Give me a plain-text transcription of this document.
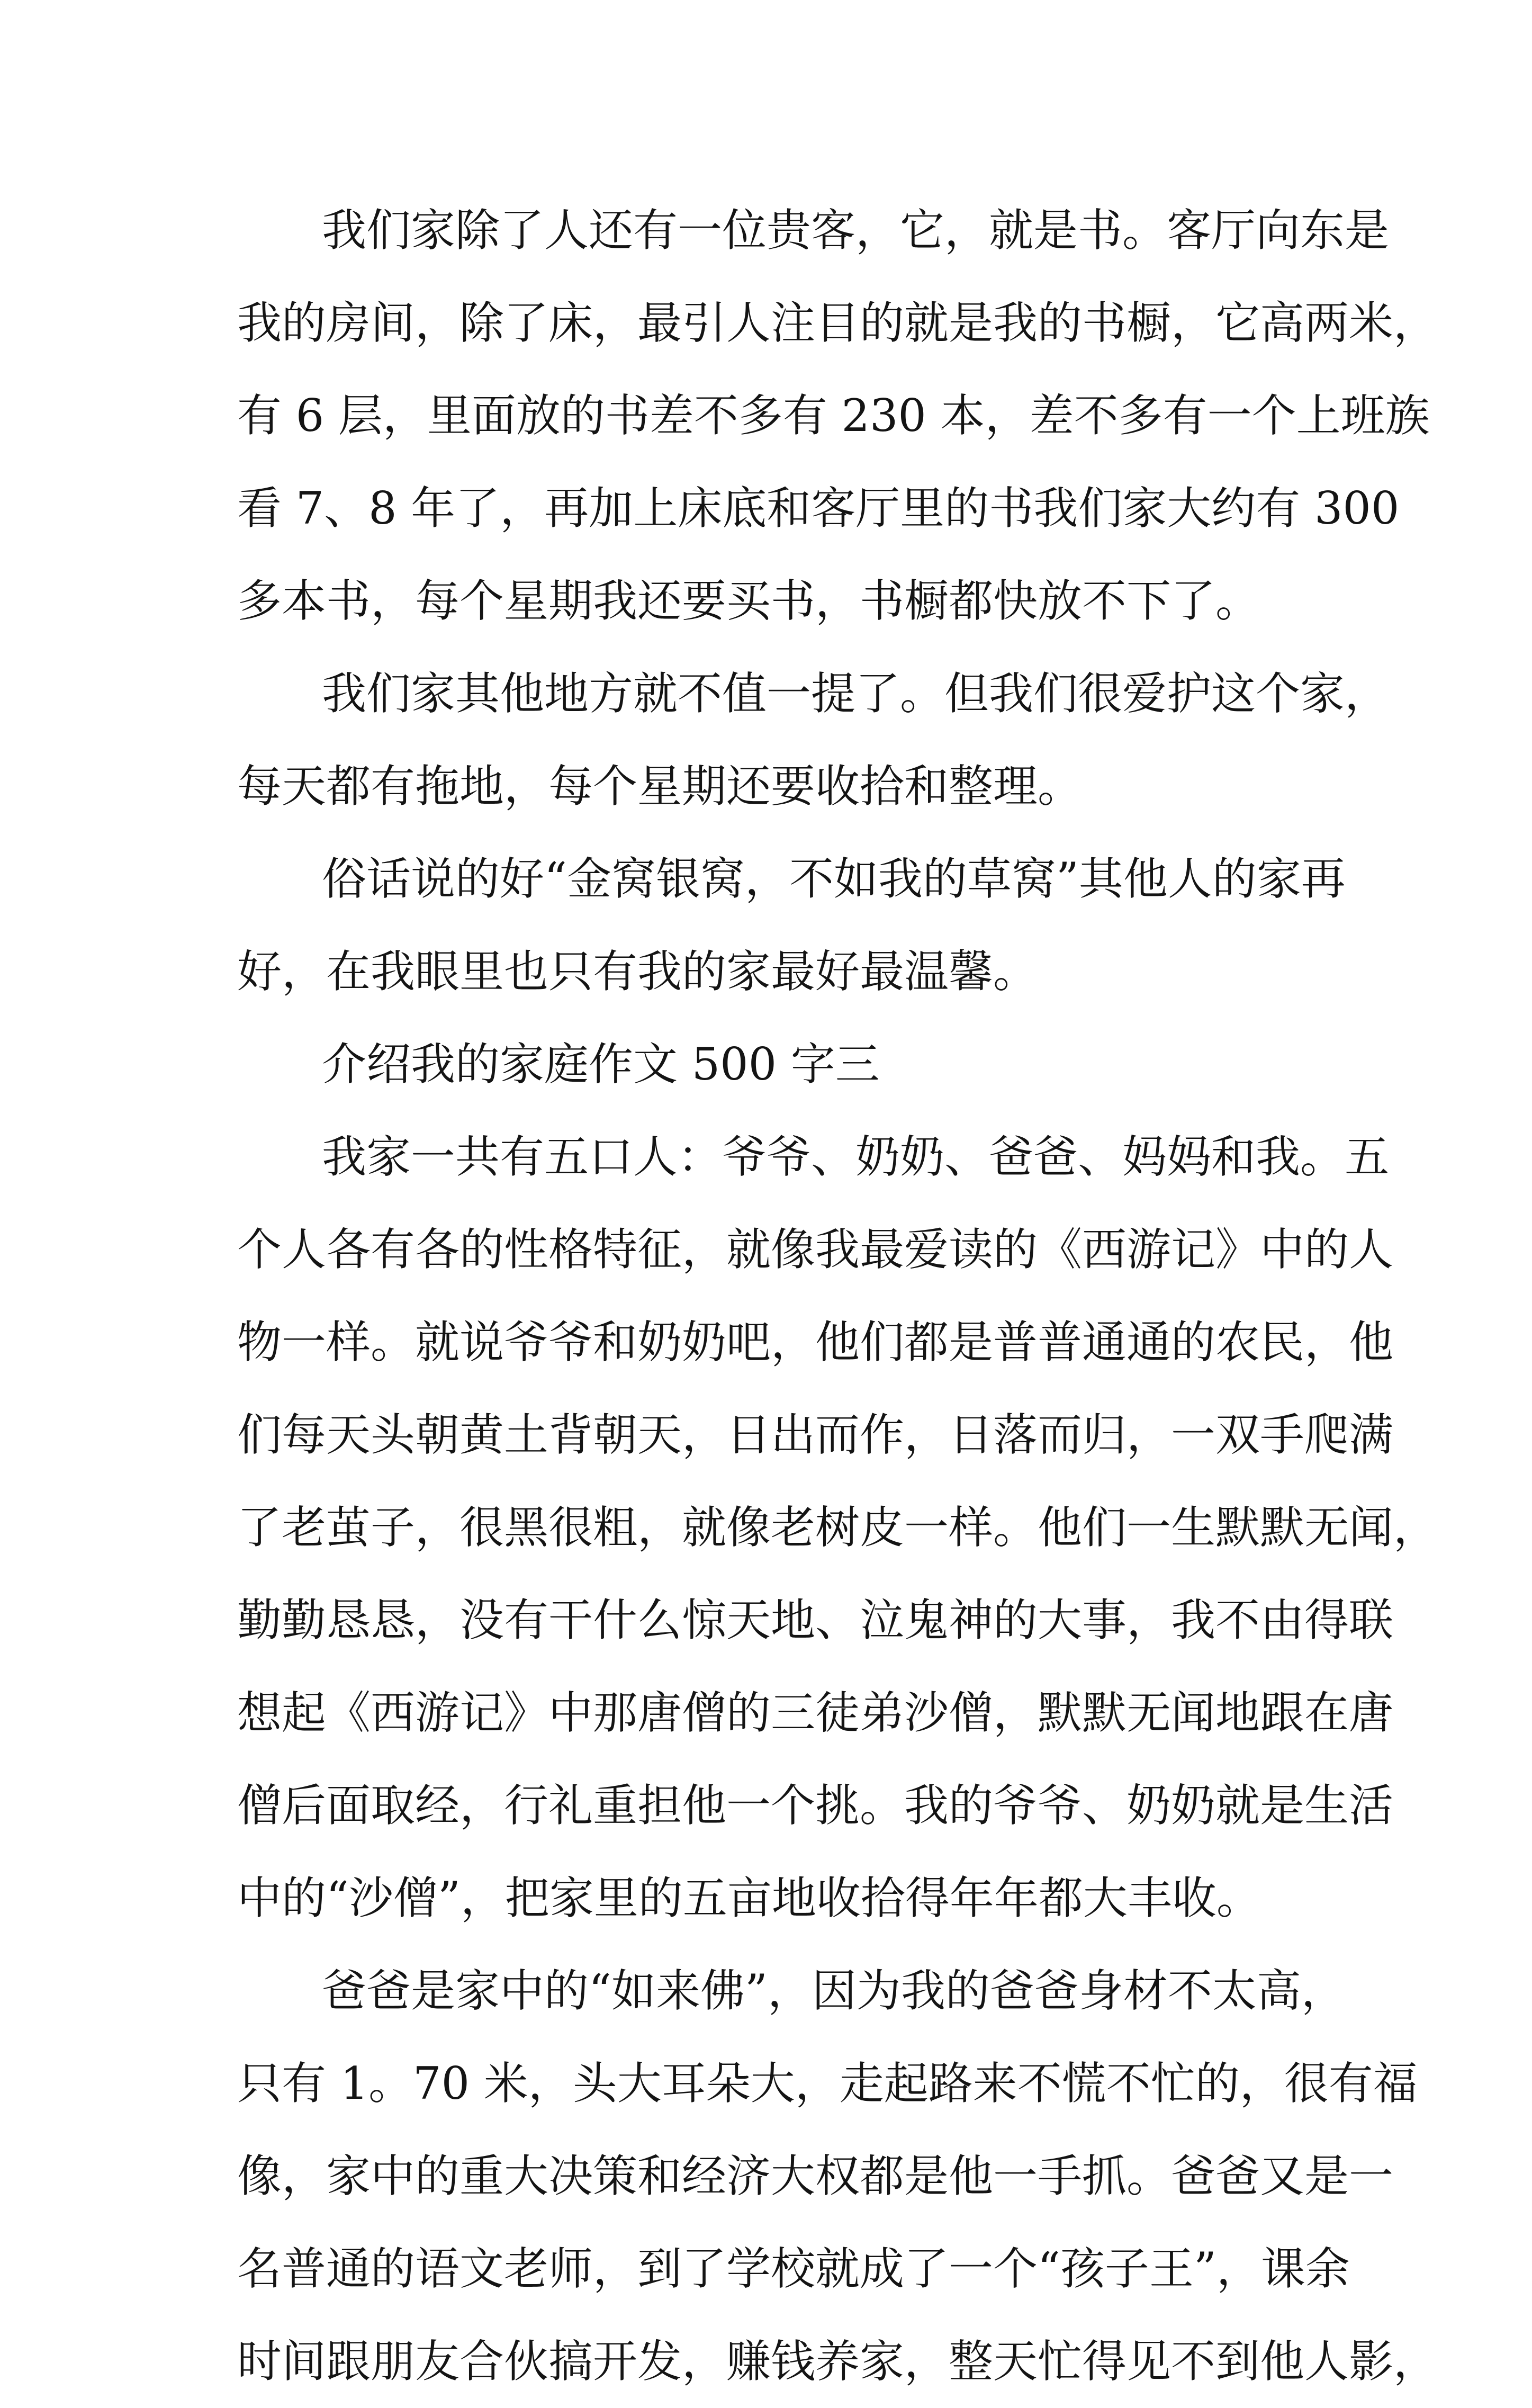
我们家除了人还有一位贵客，它，就是书。客厅向东是
我的房间，除了床，最引人注目的就是我的书橱，它高两米，
有 6 层，里面放的书差不多有 230 本，差不多有一个上班族
看 7、8 年了，再加上床底和客厅里的书我们家大约有 300
多本书，每个星期我还要买书，书橱都快放不下了。
我们家其他地方就不值一提了。但我们很爱护这个家，
每天都有拖地，每个星期还要收拾和整理。
俗话说的好“金窝银窝，不如我的草窝”其他人的家再
好，在我眼里也只有我的家最好最温馨。
介绍我的家庭作文 500 字三
我家一共有五口人：爷爷、奶奶、爸爸、妈妈和我。五
个人各有各的性格特征，就像我最爱读的《西游记》中的人
物一样。就说爷爷和奶奶吧，他们都是普普通通的农民，他
们每天头朝黄土背朝天，日出而作，日落而归，一双手爬满
了老茧子，很黑很粗，就像老树皮一样。他们一生默默无闻，
勤勤恳恳，没有干什么惊天地、泣鬼神的大事，我不由得联
想起《西游记》中那唐僧的三徒弟沙僧，默默无闻地跟在唐
僧后面取经，行礼重担他一个挑。我的爷爷、奶奶就是生活
中的“沙僧”，把家里的五亩地收拾得年年都大丰收。
爸爸是家中的“如来佛”，因为我的爸爸身材不太高，
只有 1。70 米，头大耳朵大，走起路来不慌不忙的，很有福
像，家中的重大决策和经济大权都是他一手抓。爸爸又是一
名普通的语文老师，到了学校就成了一个“孩子王”，课余
时间跟朋友合伙搞开发，赚钱养家，整天忙得见不到他人影，
